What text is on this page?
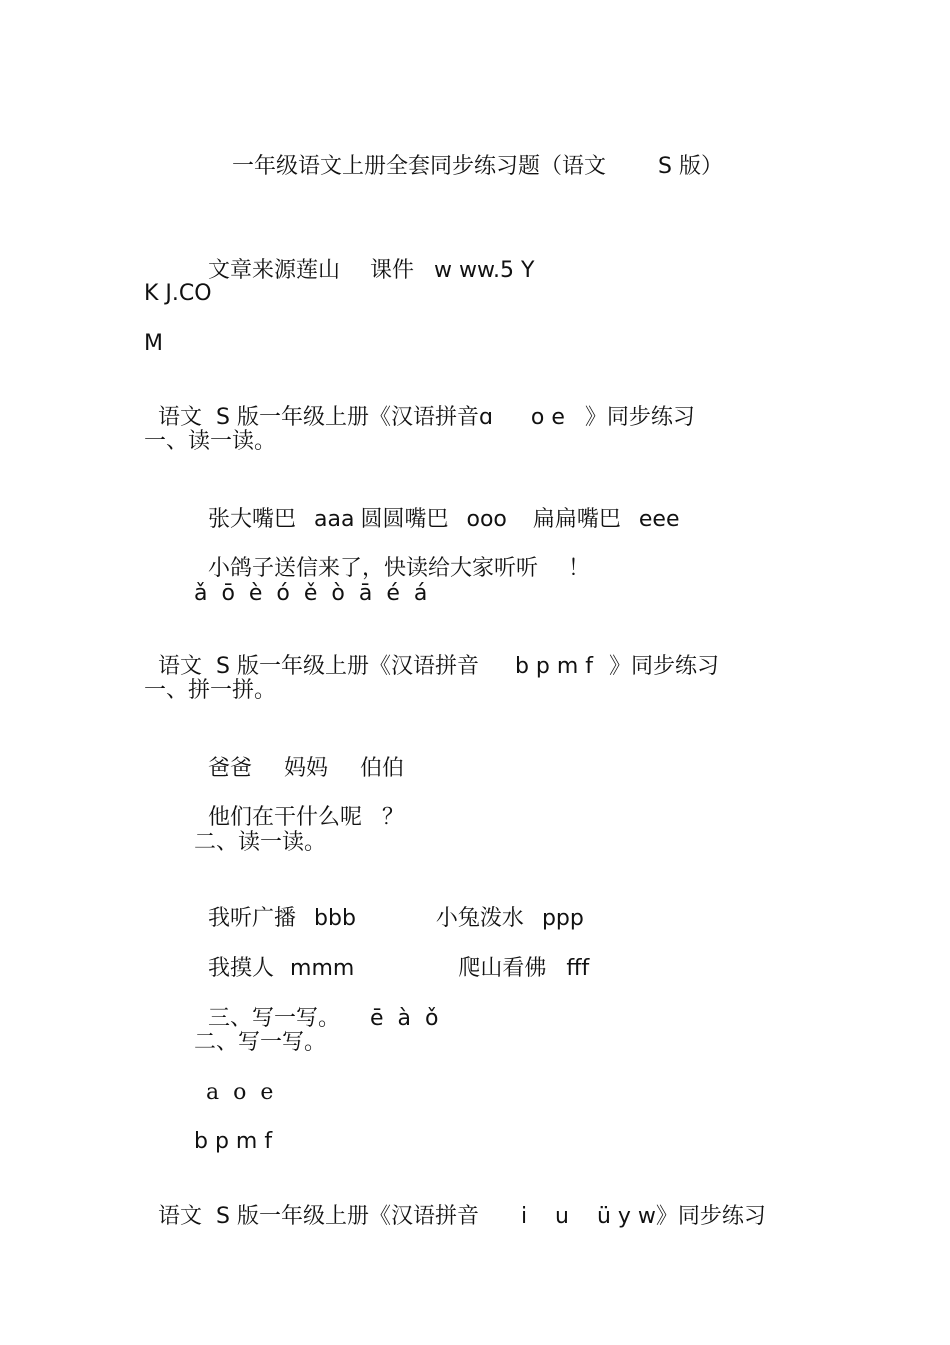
一年级语文上册全套同步练习题（语文 S 版）

文章来源莲山 课件 w ww.5 Y

K J.CO
M

语文  S 版一年级上册《汉语拼音ɑ o e 》同步练习

一、读一读。

张大嘴巴 aaa 圆圆嘴巴 ooo 扁扁嘴巴 eee

小鸽子送信来了，快读给大家听听 ！

ǎ  ō  è  ó  ě  ò  ā  é  á

语文  S 版一年级上册《汉语拼音 b p m f 》同步练习

一、拼一拼。

爸爸 妈妈 伯伯

他们在干什么呢 ？

二、读一读。

我听广播 bbb	小兔泼水 ppp

我摸人 mmm	爬山看佛 fff

三、写一写。 ē  à  ǒ

二、写一写。
a  o  e
b p m f

语文  S 版一年级上册《汉语拼音 i    u    ü y w》同步练习
